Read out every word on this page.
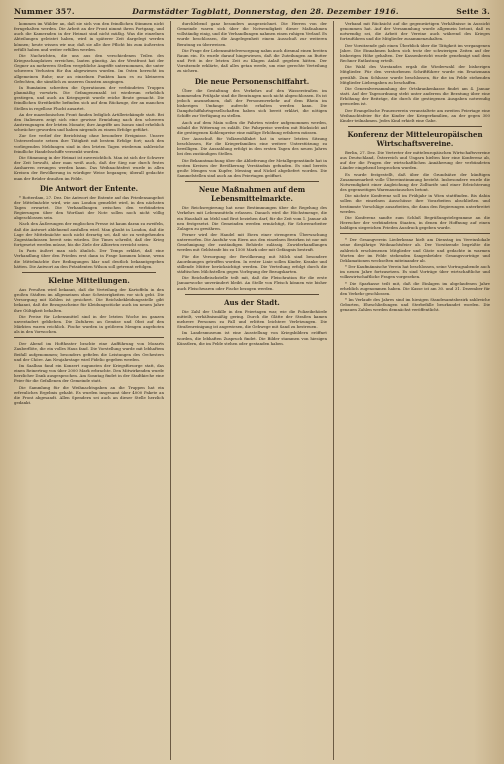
Nummer 357.	Darmstädter Tagblatt, Donnerstag, den 28. Dezember 1916.	Seite 3.

kommen im Wälder an, daß sie sich von den feindlichen Stimmen nicht ferngehalten werden. Die Arbeit an der Front nimmt ihren Fortgang, und auch die Kameraden in der Heimat sind nicht müßig. Was die einzelnen Abteilungen geleistet haben, wird in späterer Zeit dargelegt werden können; heute wissen wir nur, daß sie alle ihre Pflicht bis zum äußersten erfüllt haben und weiter erfüllen werden.

Die Nachrichten, die uns aus den verschiedenen Teilen des Kriegsschauplatzes erreichen, lauten günstig. An der Westfront hat der Gegner an mehreren Stellen vergebliche Angriffe unternommen, die unter schweren Verlusten für ihn abgewiesen wurden. Im Osten herrscht im allgemeinen Ruhe; nur an einzelnen Punkten kam es zu kleineren Gefechten, die sämtlich zu unseren Gunsten ausgingen.

In Rumänien schreiten die Operationen der verbündeten Truppen planmäßig vorwärts. Die Gefangenenzahl ist wiederum erheblich gestiegen, und auch an Kriegsgerät wurde reiche Beute gemacht. Die feindlichen Streitkräfte befinden sich auf dem Rückzuge, der an manchen Stellen in regellose Flucht ausartet.

An der mazedonischen Front fanden lediglich Artilleriekämpfe statt. Bei den Italienern zeigt sich eine gewisse Ermüdung nach den schweren Anstrengungen der letzten Monate; ihre Angriffe am Isonzo sind erheblich schwächer geworden und haben nirgends zu einem Erfolge geführt.

Zur See verlief der Berichtstag ohne besondere Ereignisse. Unsere Unterseeboote setzen ihre Tätigkeit mit bestem Erfolge fort; nach den vorliegenden Meldungen sind in den letzten Tagen wiederum zahlreiche feindliche Handelsschiffe versenkt worden.

Die Stimmung in der Heimat ist zuversichtlich. Man ist sich der Schwere der Zeit bewußt, aber man weiß auch, daß der Sieg nur durch festes Ausharren errungen werden kann. Das Weihnachtsfest wurde in allen Kreisen der Bevölkerung in würdiger Weise begangen; überall gedachte man der Brüder draußen im Felde.

Die Antwort der Entente.

* Rotterdam, 27. Dez. Die Antwort der Entente auf das Friedensangebot der Mittelmächte wird, wie aus London gemeldet wird, in den nächsten Tagen erwartet. Die Verhandlungen zwischen den verbündeten Regierungen über den Wortlaut der Note sollen noch nicht völlig abgeschlossen sein.

Nach den Äußerungen der englischen Presse ist kaum daran zu zweifeln, daß die Antwort ablehnend ausfallen wird. Man glaubt in London, daß die Lage der Mittelmächte noch nicht derartig sei, daß sie zu weitgehenden Zugeständnissen bereit sein würden. Die Times schreibt, daß der Krieg fortgesetzt werden müsse, bis die Ziele der Alliierten erreicht seien.

In Paris äußert man sich ähnlich. Der Temps erklärt, daß eine Verhandlung über den Frieden erst dann in Frage kommen könne, wenn die Mittelmächte ihre Bedingungen klar und deutlich bekanntgegeben hätten. Die Antwort an den Präsidenten Wilson soll getrennt erfolgen.

Kleine Mitteilungen.

Aus Preußen wird bekannt, daß die Verteilung der Kartoffeln in den großen Städten im allgemeinen ohne Schwierigkeiten vor sich geht. Die Versorgung mit Kohlen ist gesichert. Die Reichsbekleidungsstelle gibt bekannt, daß die Bezugsscheine für Kleidungsstücke auch im neuen Jahre ihre Gültigkeit behalten.

Die Preise für Lebensmittel sind in der letzten Woche im ganzen unverändert geblieben. Die Zufuhren an Gemüse und Obst auf den Märkten waren reichlich. Fische wurden in größeren Mengen angeboten als in den Vorwochen.

Der Abend im Hoftheater brachte eine Aufführung von Mozarts Zauberflöte, die ein volles Haus fand. Die Vorstellung wurde mit lebhaftem Beifall aufgenommen; besonders gefielen die Leistungen des Orchesters und der Chöre. Am Neujahrstage wird Fidelio gegeben werden.

Im Saalbau fand ein Konzert zugunsten der Kriegsfürsorge statt, das einen Reinertrag von über 2000 Mark erbrachte. Den Mitwirkenden wurde herzlicher Dank ausgesprochen. Am Sonntag findet in der Stadtkirche eine Feier für die Gefallenen der Gemeinde statt.

Die Sammlung für die Weihnachtsgaben an die Truppen hat ein erfreuliches Ergebnis gehabt. Es wurden insgesamt über 4000 Pakete an die Front abgesandt. Allen Spendern sei auch an dieser Stelle herzlich gedankt.

durchlebend ganz besonders ausgezeichnet. Die Herren von der Gemeinde waren sich über die Notwendigkeit dieser Maßnahmen vollständig einig, und die Verhandlungen nahmen einen ruhigen Verlauf. Es wurde beschlossen, die Angelegenheit einem Ausschuß zur weiteren Beratung zu überweisen.

Die Frage der Lebensmittelversorgung nahm auch diesmal einen breiten Raum ein. Es wurde darauf hingewiesen, daß die Zuteilungen an Butter und Fett in der letzten Zeit zu Klagen Anlaß gegeben hätten. Der Vorsitzende erklärte, daß alles getan werde, um eine gerechte Verteilung zu sichern.

Die neue Personenschiffahrt.

Über die Gestaltung des Verkehrs auf den Wasserstraßen im kommenden Frühjahr sind die Beratungen noch nicht abgeschlossen. Es ist jedoch anzunehmen, daß der Personenverkehr auf dem Rhein im bisherigen Umfange aufrecht erhalten werden kann. Die Dampfschiffahrtsgesellschaften haben sich bereit erklärt, die nötigen Schiffe zur Verfügung zu stellen.

Auch auf dem Main sollen die Fahrten wieder aufgenommen werden, sobald die Witterung es zuläßt. Die Fahrpreise werden mit Rücksicht auf die gestiegenen Kohlenpreise eine mäßige Erhöhung erfahren müssen.

Der Ausschuß für Volkswohlfahrt hat in seiner letzten Sitzung beschlossen, für die Kriegerfamilien eine weitere Unterstützung zu bewilligen. Die Auszahlung erfolgt in den ersten Tagen des neuen Jahres bei den zuständigen Stellen.

Die Bekanntmachung über die Ablieferung der Metallgegenstände hat in weiten Kreisen der Bevölkerung Verständnis gefunden. Es sind bereits große Mengen von Kupfer, Messing und Nickel abgeliefert worden. Die Sammelstellen sind auch an den Feiertagen geöffnet.

Neue Maßnahmen auf dem Lebensmittelmarkte.

Die Reichsregierung hat neue Bestimmungen über die Regelung des Verkehrs mit Lebensmitteln erlassen. Danach wird die Höchstmenge, die ein Haushalt an Mehl und Brot beziehen darf, für die Zeit vom 1. Januar ab neu festgesetzt. Die Gemeinden werden ermächtigt, für Schwerarbeiter Zulagen zu gewähren.

Ferner wird der Handel mit Eiern einer strengeren Überwachung unterworfen. Die Ausfuhr von Eiern aus den einzelnen Bezirken ist nur mit Genehmigung der zuständigen Behörde zulässig. Zuwiderhandlungen werden mit Geldstrafe bis zu 1500 Mark oder mit Gefängnis bestraft.

Für die Versorgung der Bevölkerung mit Milch sind besondere Anordnungen getroffen worden. In erster Linie sollen Kinder, Kranke und stillende Mütter berücksichtigt werden. Die Verteilung erfolgt durch die städtischen Milchstellen gegen Vorlegung der Bezugskarten.

Die Reichsfleischstelle teilt mit, daß die Fleischration für die erste Januarwoche unverändert bleibt. An Stelle von Fleisch können wie bisher auch Fleischwaren oder Fische bezogen werden.

Aus der Stadt.

Die Zahl der Unfälle in den Feiertagen war, wie die Polizeibehörde mitteilt, verhältnismäßig gering. Durch die Glätte der Straßen kamen mehrere Personen zu Fall und erlitten leichtere Verletzungen. Die Straßenreinigung ist angewiesen, die Gehwege mit Sand zu bestreuen.

Im Landesmuseum ist eine Ausstellung von Kriegsbildern eröffnet worden, die lebhaften Zuspruch findet. Die Bilder stammen von hiesigen Künstlern, die im Felde stehen oder gestanden haben.

Verband mit Rücksicht auf die gegenwärtigen Verhältnisse in Aussicht genommen hat. Auf der Versammlung wurde allgemein betont, daß es notwendig sei, die Arbeit der Vereine auch während des Krieges fortzuführen und die Mitglieder zusammenzuhalten.

Der Vorsitzende gab einen Überblick über die Tätigkeit im vergangenen Jahre. Die Einnahmen haben sich trotz der schwierigen Zeiten auf der bisherigen Höhe gehalten. Der Kassenbericht wurde genehmigt und dem Rechner Entlastung erteilt.

Die Wahl des Vorstandes ergab die Wiederwahl der bisherigen Mitglieder. Für den verstorbenen Schriftführer wurde ein Ersatzmann gewählt. Zum Schlusse wurde beschlossen, für die im Felde stehenden Mitglieder Liebesgaben zu beschaffen.

Die Generalversammlung der Ortskrankenkasse findet am 4. Januar statt. Auf der Tagesordnung steht unter anderem die Beratung über eine Erhöhung der Beiträge, die durch die gestiegenen Ausgaben notwendig geworden ist.

Der Evangelische Frauenverein veranstaltete am zweiten Feiertage eine Weihnachtsfeier für die Kinder der Kriegerfamilien, an der gegen 300 Kinder teilnahmen. Jedes Kind erhielt eine Gabe.

Konferenz der Mitteleuropäischen Wirtschaftsvereine.

Berlin, 27. Dez. Die Vertreter der mitteleuropäischen Wirtschaftsvereine aus Deutschland, Österreich und Ungarn hielten hier eine Konferenz ab, auf der die Fragen der wirtschaftlichen Annäherung der verbündeten Länder eingehend besprochen wurden.

Es wurde festgestellt, daß über die Grundsätze der künftigen Zusammenarbeit volle Übereinstimmung besteht. Insbesondere wurde die Notwendigkeit einer Angleichung der Zolltarife und einer Erleichterung des gegenseitigen Warenaustausches betont.

Die nächste Konferenz soll im Frühjahr in Wien stattfinden. Bis dahin sollen die einzelnen Ausschüsse ihre Vorarbeiten abschließen und bestimmte Vorschläge ausarbeiten, die dann den Regierungen unterbreitet werden.

Die Konferenz sandte zum Schluß Begrüßungstelegramme an die Herrscher der verbündeten Staaten, in denen der Hoffnung auf einen baldigen siegreichen Frieden Ausdruck gegeben wurde.

* Der Gesangverein Liederkranz hielt am Dienstag im Vereinslokale seine diesjährige Weihnachtsfeier ab. Der Vorsitzende begrüßte die zahlreich erschienenen Mitglieder und Gäste und gedachte in warmen Worten der im Felde stehenden Sangesbrüder. Gesangsvorträge und Deklamationen wechselten miteinander ab.

* Der Kaufmännische Verein hat beschlossen, seine Vortragsabende auch im neuen Jahre fortzusetzen. Es sind Vorträge über wirtschaftliche und volkswirtschaftliche Fragen vorgesehen.

* Die Sparkasse teilt mit, daß die Einlagen im abgelaufenen Jahre erheblich zugenommen haben. Die Kasse ist am 30. und 31. Dezember für den Verkehr geschlossen.

* Im Verlaufe des Jahres sind im hiesigen Standesamtsbezirk zahlreiche Geburten, Eheschließungen und Sterbefälle beurkundet worden. Die genauen Zahlen werden demnächst veröffentlicht.
